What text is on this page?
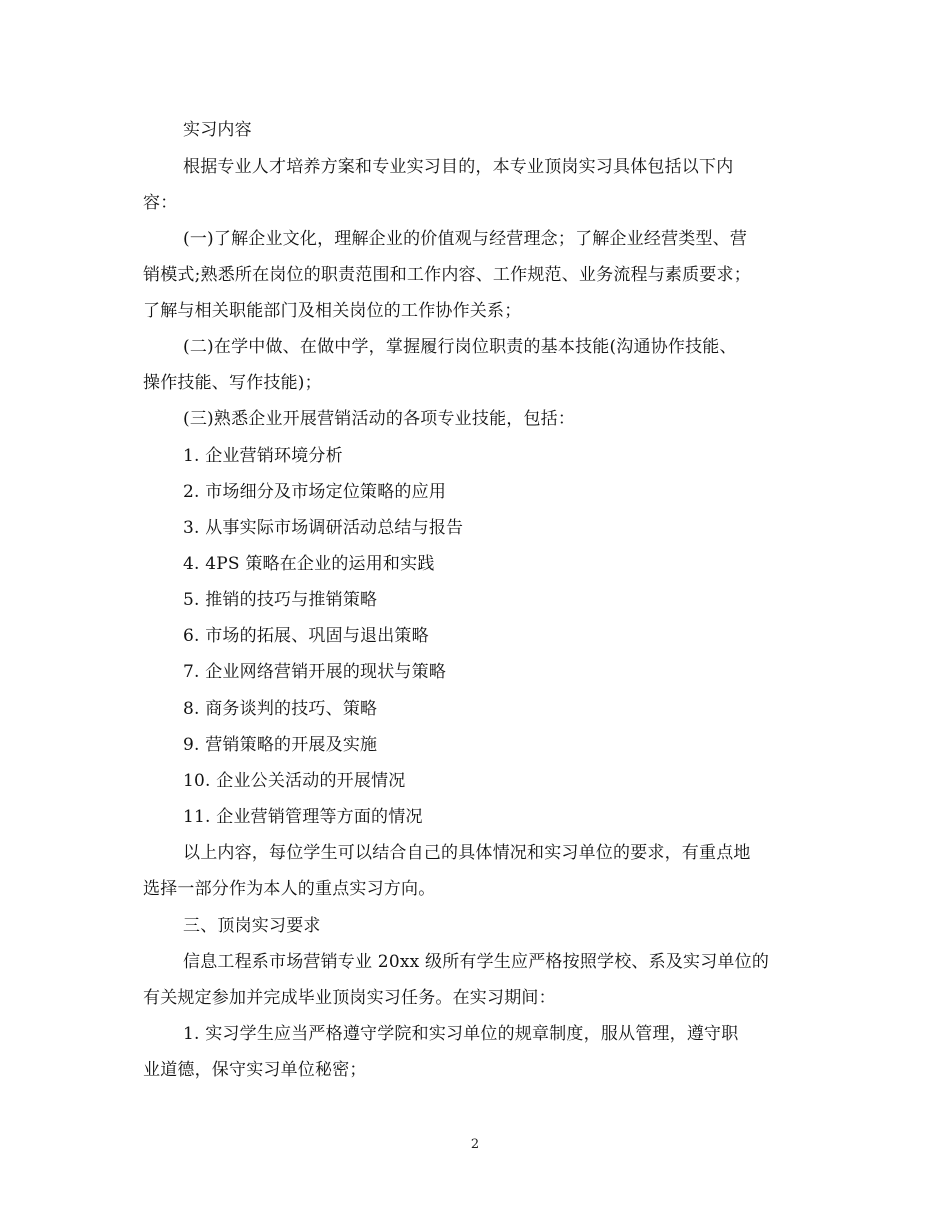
实习内容
根据专业人才培养方案和专业实习目的，本专业顶岗实习具体包括以下内
容：
(一)了解企业文化，理解企业的价值观与经营理念；了解企业经营类型、营
销模式;熟悉所在岗位的职责范围和工作内容、工作规范、业务流程与素质要求；
了解与相关职能部门及相关岗位的工作协作关系；
(二)在学中做、在做中学，掌握履行岗位职责的基本技能(沟通协作技能、
操作技能、写作技能)；
(三)熟悉企业开展营销活动的各项专业技能，包括：
1. 企业营销环境分析
2. 市场细分及市场定位策略的应用
3. 从事实际市场调研活动总结与报告
4. 4PS 策略在企业的运用和实践
5. 推销的技巧与推销策略
6. 市场的拓展、巩固与退出策略
7. 企业网络营销开展的现状与策略
8. 商务谈判的技巧、策略
9. 营销策略的开展及实施
10. 企业公关活动的开展情况
11. 企业营销管理等方面的情况
以上内容，每位学生可以结合自己的具体情况和实习单位的要求，有重点地
选择一部分作为本人的重点实习方向。
三、顶岗实习要求
信息工程系市场营销专业 20xx 级所有学生应严格按照学校、系及实习单位的
有关规定参加并完成毕业顶岗实习任务。在实习期间：
1. 实习学生应当严格遵守学院和实习单位的规章制度，服从管理，遵守职
业道德，保守实习单位秘密；
2
